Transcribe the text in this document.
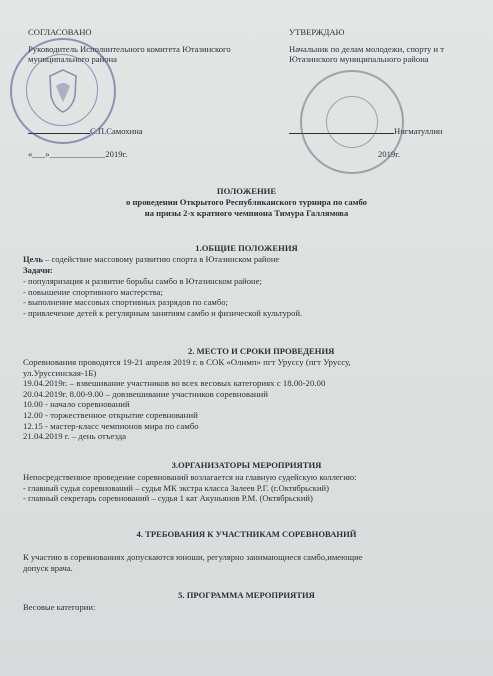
СОГЛАСОВАНО
Руководитель Исполнительного комитета Ютазинского
муниципального района
С.П.Самохина
«___»_____________2019г.
УТВЕРЖДАЮ
Начальник по делам молодежи, спорту и т
Ютазинского муниципального района
Нигматуллин
2019г.
ПОЛОЖЕНИЕ
о проведении Открытого Республиканского турнира по самбо
на призы 2-х кратного чемпиона Тимура Галлямова
1.ОБЩИЕ ПОЛОЖЕНИЯ
Цель – содействие массовому развитию спорта в Ютазинском районе
Задачи:

- популяризация и развитие борьбы самбо в Ютазинском районе;

- повышение спортивного мастерства;

- выполнение массовых спортивных разрядов по самбо;

- привлечение детей к регулярным занятиям самбо и физической культурой.

2. МЕСТО И СРОКИ ПРОВЕДЕНИЯ

Соревнования проводятся 19-21 апреля 2019 г. в СОК «Олимп» пгт Уруссу (пгт Уруссу,

ул.Уруссинская-1Б)

19.04.2019г. – взвешивание участников во всех весовых категориях с 18.00-20.00

20.04.2019г. 8.00-9.00 – довзвешивание участников соревнований

10.00 - начало соревнований

12.00 - торжественное открытие соревнований

12.15 - мастер-класс чемпионов мира по самбо

21.04.2019 г. – день отъезда

3.ОРГАНИЗАТОРЫ МЕРОПРИЯТИЯ

Непосредственное проведение соревнований возлагается на главную судейскую коллегию:

- главный судья соревнований – судья МК экстра класса Залеев Р.Г. (г.Октябрьский)

- главный секретарь соревнований – судья 1 кат Акуньянов Р.М. (Октябрьский)

4. ТРЕБОВАНИЯ К УЧАСТНИКАМ СОРЕВНОВАНИЙ
К участию в соревнованиях допускаются юноши, регулярно занимающиеся самбо,имеющие
допуск врача.
5. ПРОГРАММА МЕРОПРИЯТИЯ
Весовые категории:
